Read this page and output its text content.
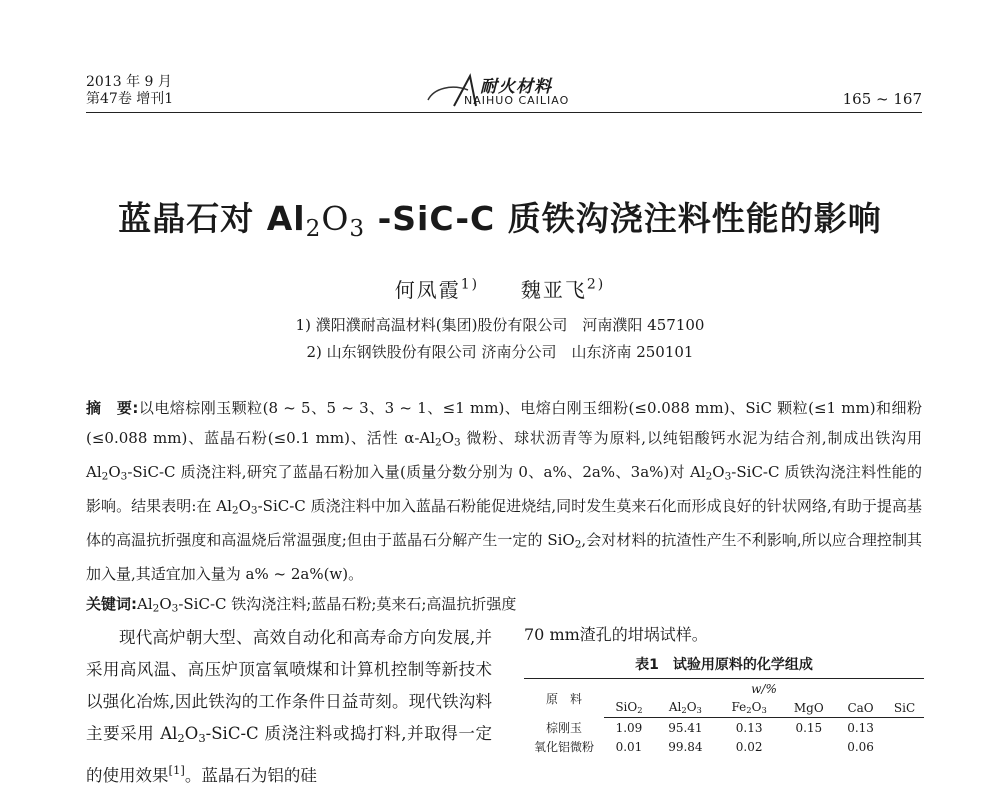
2013 年 9 月
第47卷 增刊1
耐火材料
NAIHUO CAILIAO	165 ~ 167
蓝晶石对 $Al_2O_3$ -SiC-C 质铁沟浇注料性能的影响
何凤霞$^{1)}$ 魏亚飞$^{2)}$
1) 濮阳濮耐高温材料(集团)股份有限公司　河南濮阳 457100
2) 山东钢铁股份有限公司 济南分公司　山东济南 250101
摘　要:以电熔棕刚玉颗粒(8 ~ 5、5 ~ 3、3 ~ 1、≤1 mm)、电熔白刚玉细粉(≤0.088 mm)、SiC 颗粒(≤1 mm)和细粉(≤0.088 mm)、蓝晶石粉(≤0.1 mm)、活性 $\alpha-Al_2O_3$ 微粉、球状沥青等为原料,以纯铝酸钙水泥为结合剂,制成出铁沟用 $Al_2O_3-SiC-C$ 质浇注料,研究了蓝晶石粉加入量(质量分数分别为 0、a%、2a%、3a%)对 $Al_2O_3-SiC-C$ 质铁沟浇注料性能的影响。结果表明:在 $Al_2O_3-SiC-C$ 质浇注料中加入蓝晶石粉能促进烧结,同时发生莫来石化而形成良好的针状网络,有助于提高基体的高温抗折强度和高温烧后常温强度;但由于蓝晶石分解产生一定的 SiO$_2$,会对材料的抗渣性产生不利影响,所以应合理控制其加入量,其适宜加入量为 a% ~ 2a%(w)。
关键词$:Al_2O_3-SiC-C$ 铁沟浇注料;蓝晶石粉;莫来石;高温抗折强度
现代高炉朝大型、高效自动化和高寿命方向发展,并采用高风温、高压炉顶富氧喷煤和计算机控制等新技术以强化冶炼,因此铁沟的工作条件日益苛刻。现代铁沟料主要采用 $Al_2O_3-SiC-C$ 质浇注料或捣打料,并取得一定的使用效果[1]。蓝晶石为铝的硅
70 mm渣孔的坩埚试样。
表1　试验用原料的化学组成
原　料	w/%					
	SiO$_2$	$Al_2O_3$	$Fe_2O_3$	MgO	CaO	SiC
棕刚玉	1.09	95.41	0.13	0.15	0.13	
氧化铝微粉	0.01	99.84	0.02		0.06	
